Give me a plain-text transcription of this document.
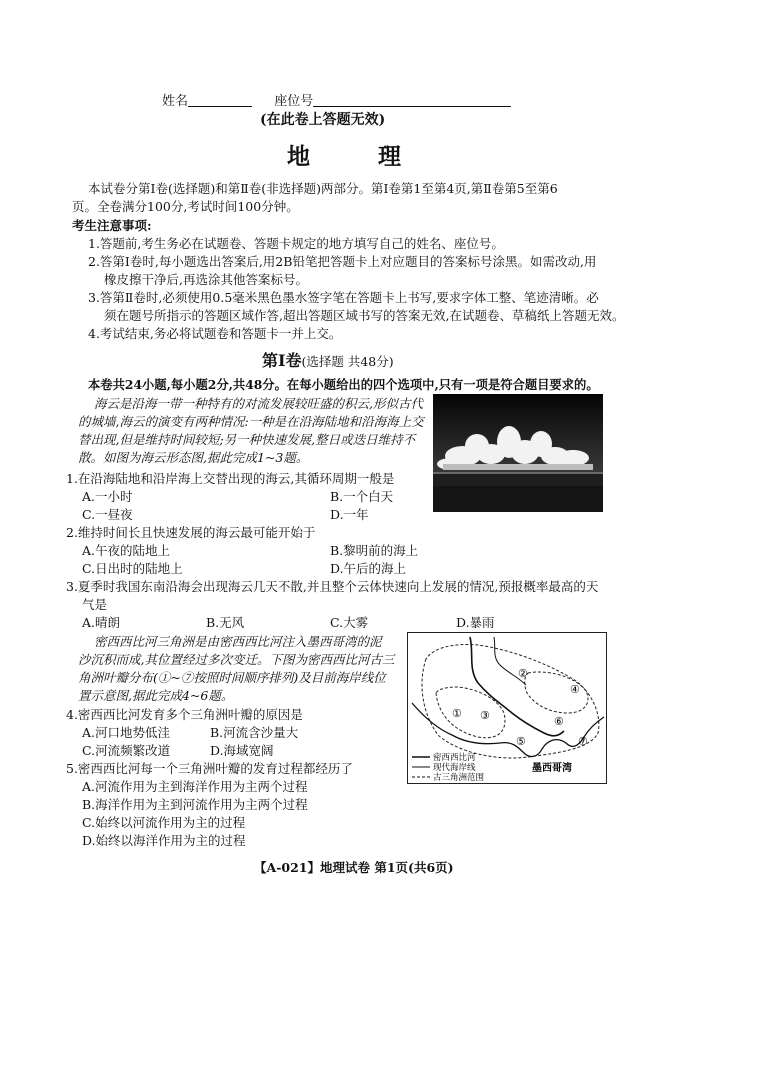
姓名	座位号
(在此卷上答题无效)
地 理
本试卷分第Ⅰ卷(选择题)和第Ⅱ卷(非选择题)两部分。第Ⅰ卷第1至第4页,第Ⅱ卷第5至第6
页。全卷满分100分,考试时间100分钟。
考生注意事项:
1.答题前,考生务必在试题卷、答题卡规定的地方填写自己的姓名、座位号。
2.答第Ⅰ卷时,每小题选出答案后,用2B铅笔把答题卡上对应题目的答案标号涂黑。如需改动,用
橡皮擦干净后,再选涂其他答案标号。
3.答第Ⅱ卷时,必须使用0.5毫米黑色墨水签字笔在答题卡上书写,要求字体工整、笔迹清晰。必
须在题号所指示的答题区域作答,超出答题区域书写的答案无效,在试题卷、草稿纸上答题无效。
4.考试结束,务必将试题卷和答题卡一并上交。
第Ⅰ卷(选择题 共48分)
本卷共24小题,每小题2分,共48分。在每小题给出的四个选项中,只有一项是符合题目要求的。
海云是沿海一带一种特有的对流发展较旺盛的积云,形似古代
的城墙,海云的演变有两种情况:一种是在沿海陆地和沿海海上交
替出现,但是维持时间较短;另一种快速发展,整日或迭日维持不
散。如图为海云形态图,据此完成1~3题。
1.在沿海陆地和沿岸海上交替出现的海云,其循环周期一般是
A.一小时	B.一个白天
C.一昼夜	D.一年
2.维持时间长且快速发展的海云最可能开始于
A.午夜的陆地上	B.黎明前的海上
C.日出时的陆地上	D.午后的海上
3.夏季时我国东南沿海会出现海云几天不散,并且整个云体快速向上发展的情况,预报概率最高的天
气是
A.晴朗	B.无风	C.大雾	D.暴雨
密西西比河三角洲是由密西西比河注入墨西哥湾的泥
沙沉积而成,其位置经过多次变迁。下图为密西西比河古三
角洲叶瓣分布(①~⑦按照时间顺序排列)及目前海岸线位
置示意图,据此完成4~6题。
①
②
③
④
⑤
⑥
⑦
墨西哥湾
密西西比河
现代海岸线
古三角洲范围
4.密西西比河发育多个三角洲叶瓣的原因是
A.河口地势低洼	B.河流含沙量大
C.河流频繁改道	D.海域宽阔
5.密西西比河每一个三角洲叶瓣的发育过程都经历了
A.河流作用为主到海洋作用为主两个过程
B.海洋作用为主到河流作用为主两个过程
C.始终以河流作用为主的过程
D.始终以海洋作用为主的过程
【A-021】地理试卷 第1页(共6页)
